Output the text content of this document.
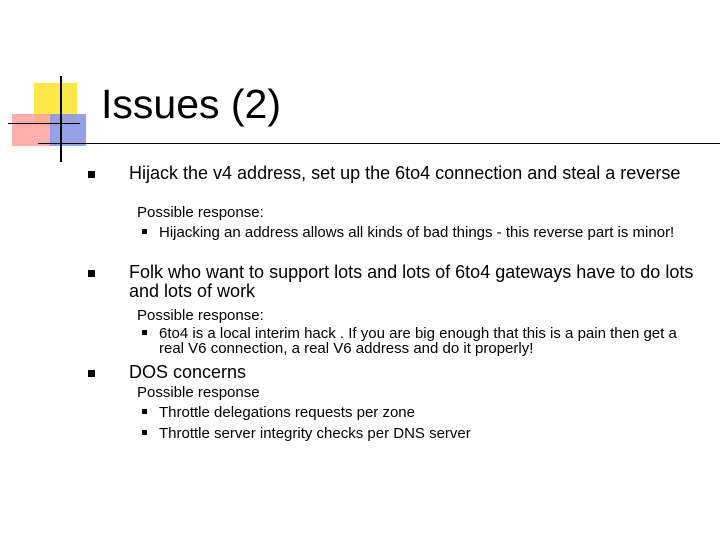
Issues (2)
Hijack the v4 address, set up the 6to4 connection and steal a reverse
Possible response:
Hijacking an address allows all kinds of bad things - this reverse part is minor!
Folk who want to support lots and lots of 6to4 gateways have to do lots and lots of work
Possible response:
6to4 is a local interim hack . If you are big enough that this is a pain then get a real V6 connection, a real V6 address and do it properly!
DOS concerns
Possible response
Throttle delegations requests per zone
Throttle server integrity checks per DNS server
